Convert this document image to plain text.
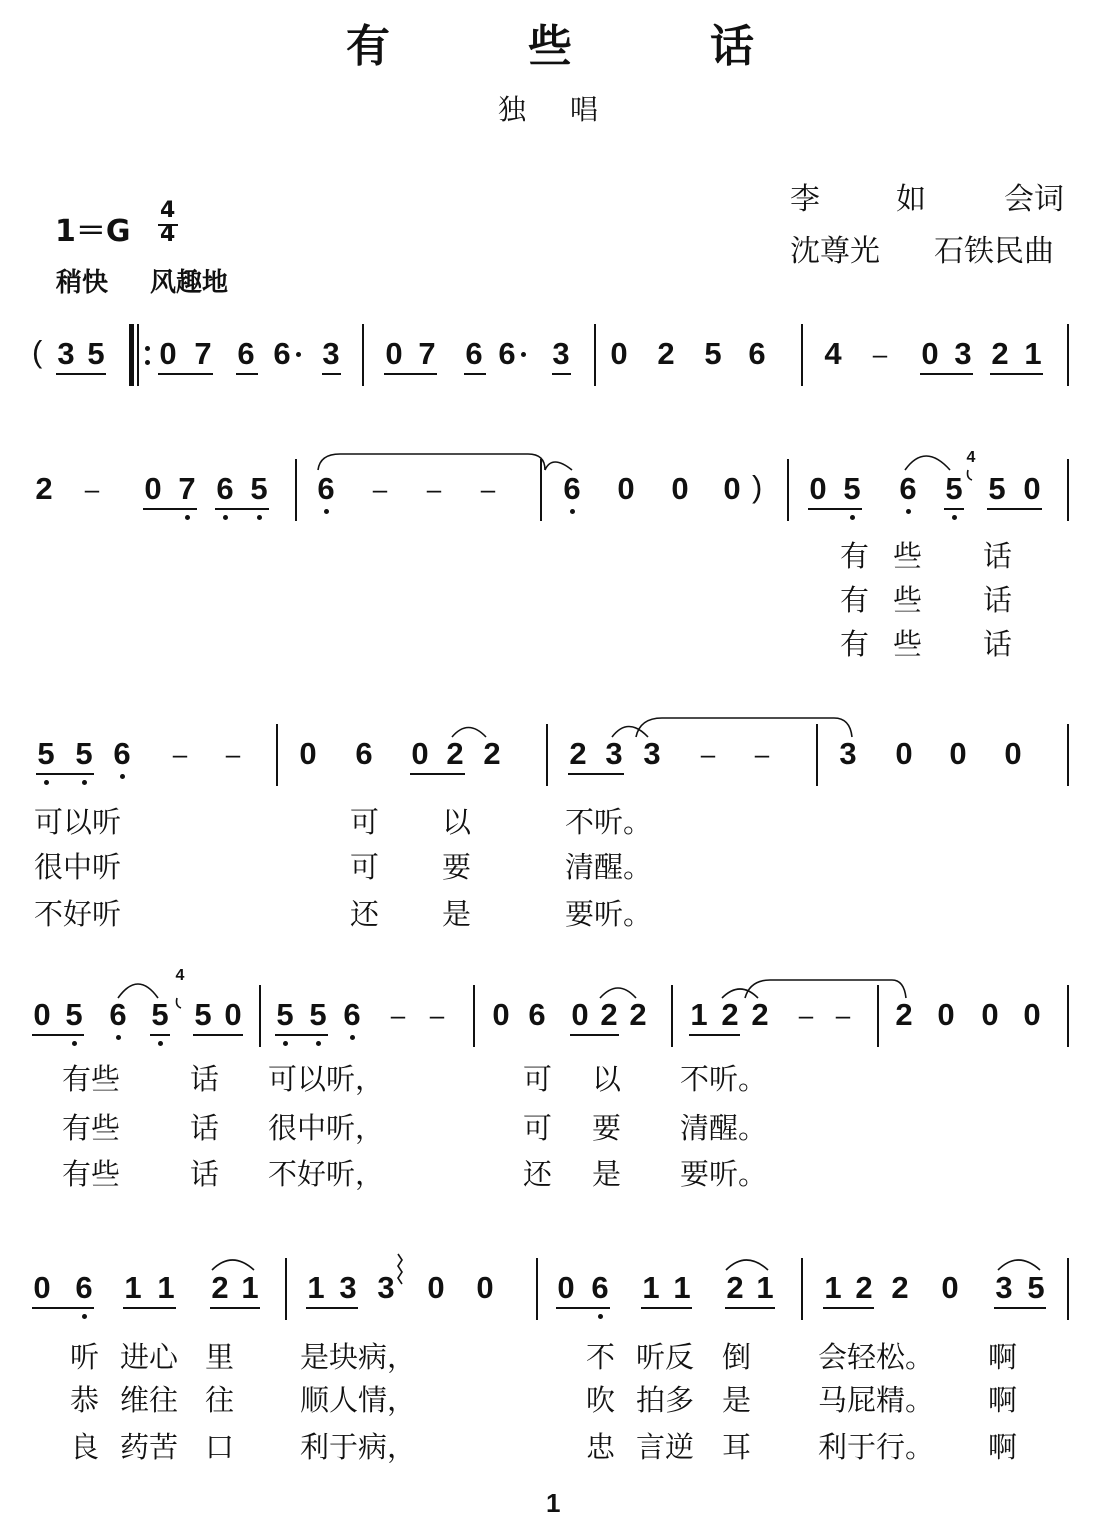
有	些	话
独 唱
李	如	会词
沈尊光 石铁民曲
1＝G
4
4
稍快 风趣地
( 3 5 0 7 6 6 3 0 7 6 6 3 0 2 5 6 4 – 0 3 2 1
2 – 0 7 6 5 6 – – – 6 0 0 0 ) 0 5 6 5 5 0
5 5 6 – – 0 6 0 2 2 2 3 3 – – 3 0 0 0
0 5 6 5 5 0 5 5 6 – – 0 6 0 2 2 1 2 2 – – 2 0 0 0
0 6 1 1 2 1 1 3 3 0 0 0 6 1 1 2 1 1 2 2 0 3 5

有 些 话
有 些 话
有 些 话
可以听	可 以	不听。
很中听	可 要	清醒。
不好听	还 是	要听。
有些 话 可以听，	可 以 不听。
有些 话 很中听，	可 要 清醒。
有些 话 不好听，	还 是 要听。
听 进心 里 是块病，	不 听反 倒 会轻松。 啊
恭 维往 往 顺人情，	吹 拍多 是 马屁精。 啊
良 药苦 口 利于病，	忠 言逆 耳 利于行。 啊
4
4
1
